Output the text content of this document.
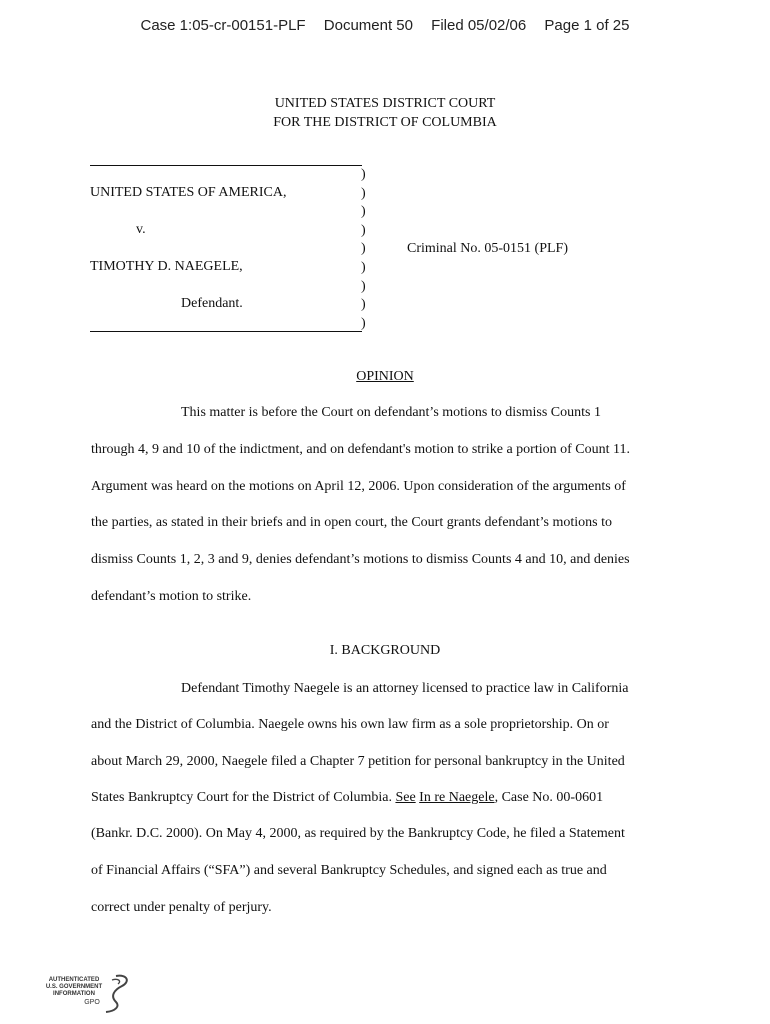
Case 1:05-cr-00151-PLF Document 50 Filed 05/02/06 Page 1 of 25
UNITED STATES DISTRICT COURT
FOR THE DISTRICT OF COLUMBIA
UNITED STATES OF AMERICA,
v.
TIMOTHY D. NAEGELE,
Defendant.
Criminal No. 05-0151 (PLF)
)
)
)
)
)
)
)
)
)
OPINION
This matter is before the Court on defendant’s motions to dismiss Counts 1
through 4, 9 and 10 of the indictment, and on defendant's motion to strike a portion of Count 11.
Argument was heard on the motions on April 12, 2006. Upon consideration of the arguments of
the parties, as stated in their briefs and in open court, the Court grants defendant’s motions to
dismiss Counts 1, 2, 3 and 9, denies defendant’s motions to dismiss Counts 4 and 10, and denies
defendant’s motion to strike.
I. BACKGROUND
Defendant Timothy Naegele is an attorney licensed to practice law in California
and the District of Columbia. Naegele owns his own law firm as a sole proprietorship. On or
about March 29, 2000, Naegele filed a Chapter 7 petition for personal bankruptcy in the United
States Bankruptcy Court for the District of Columbia. See In re Naegele, Case No. 00-0601
(Bankr. D.C. 2000). On May 4, 2000, as required by the Bankruptcy Code, he filed a Statement
of Financial Affairs (“SFA”) and several Bankruptcy Schedules, and signed each as true and
correct under penalty of perjury.
AUTHENTICATED
U.S. GOVERNMENT
INFORMATION
GPO
